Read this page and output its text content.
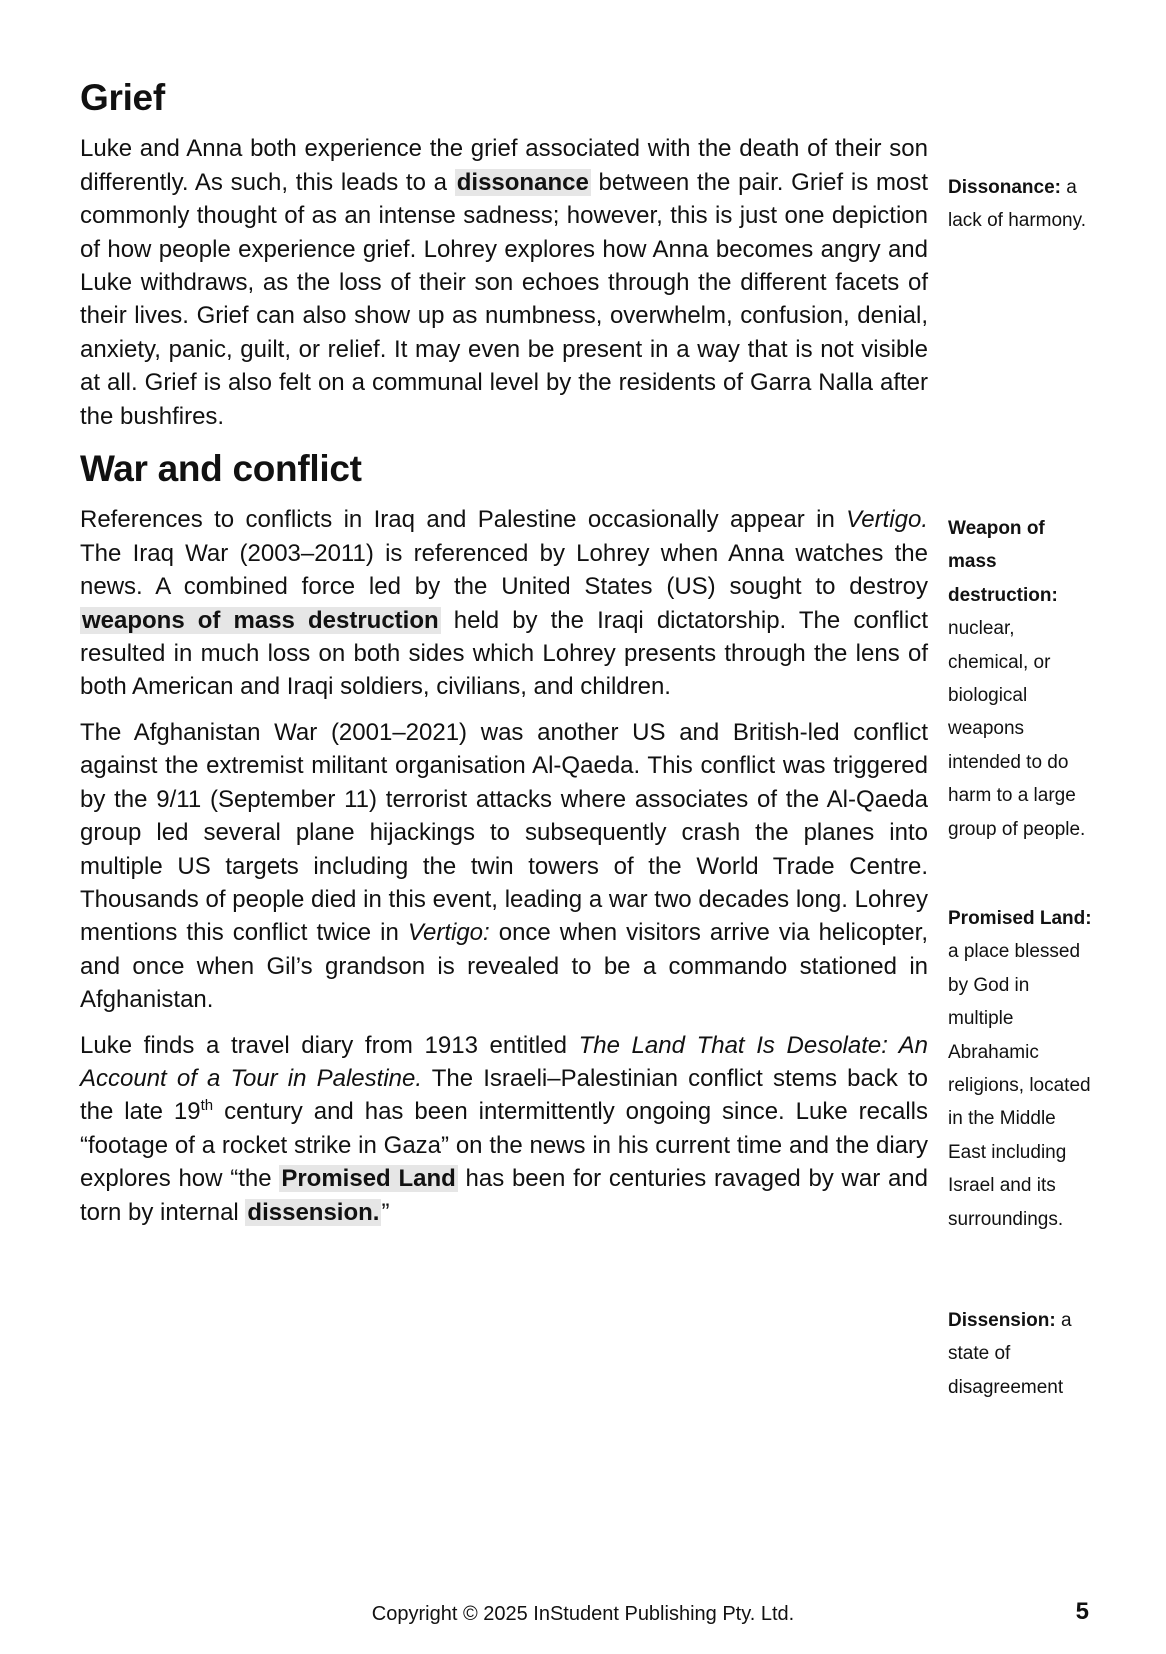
Grief

Luke and Anna both experience the grief associated with the death of their son differently. As such, this leads to a dissonance between the pair. Grief is most commonly thought of as an intense sadness; however, this is just one depiction of how people experience grief. Lohrey explores how Anna becomes angry and Luke withdraws, as the loss of their son echoes through the different facets of their lives. Grief can also show up as numbness, overwhelm, confusion, denial, anxiety, panic, guilt, or relief. It may even be present in a way that is not visible at all. Grief is also felt on a communal level by the residents of Garra Nalla after the bushfires.

War and conflict

References to conflicts in Iraq and Palestine occasionally appear in Vertigo. The Iraq War (2003–2011) is referenced by Lohrey when Anna watches the news. A combined force led by the United States (US) sought to destroy weapons of mass destruction held by the Iraqi dictatorship. The conflict resulted in much loss on both sides which Lohrey presents through the lens of both American and Iraqi soldiers, civilians, and children.

The Afghanistan War (2001–2021) was another US and British-led conflict against the extremist militant organisation Al-Qaeda. This conflict was triggered by the 9/11 (September 11) terrorist attacks where associates of the Al-Qaeda group led several plane hijackings to subsequently crash the planes into multiple US targets including the twin towers of the World Trade Centre. Thousands of people died in this event, leading a war two decades long. Lohrey mentions this conflict twice in Vertigo: once when visitors arrive via helicopter, and once when Gil’s grandson is revealed to be a commando stationed in Afghanistan.

Luke finds a travel diary from 1913 entitled The Land That Is Desolate: An Account of a Tour in Palestine. The Israeli–Palestinian conflict stems back to the late 19th century and has been intermittently ongoing since. Luke recalls “footage of a rocket strike in Gaza” on the news in his current time and the diary explores how “the Promised Land has been for centuries ravaged by war and torn by internal dissension.”

Dissonance: a lack of harmony.
Weapon of mass destruction: nuclear, chemical, or biological weapons intended to do harm to a large group of people.
Promised Land: a place blessed by God in multiple Abrahamic religions, located in the Middle East including Israel and its surroundings.
Dissension: a state of disagreement
Copyright © 2025 InStudent Publishing Pty. Ltd.	5
